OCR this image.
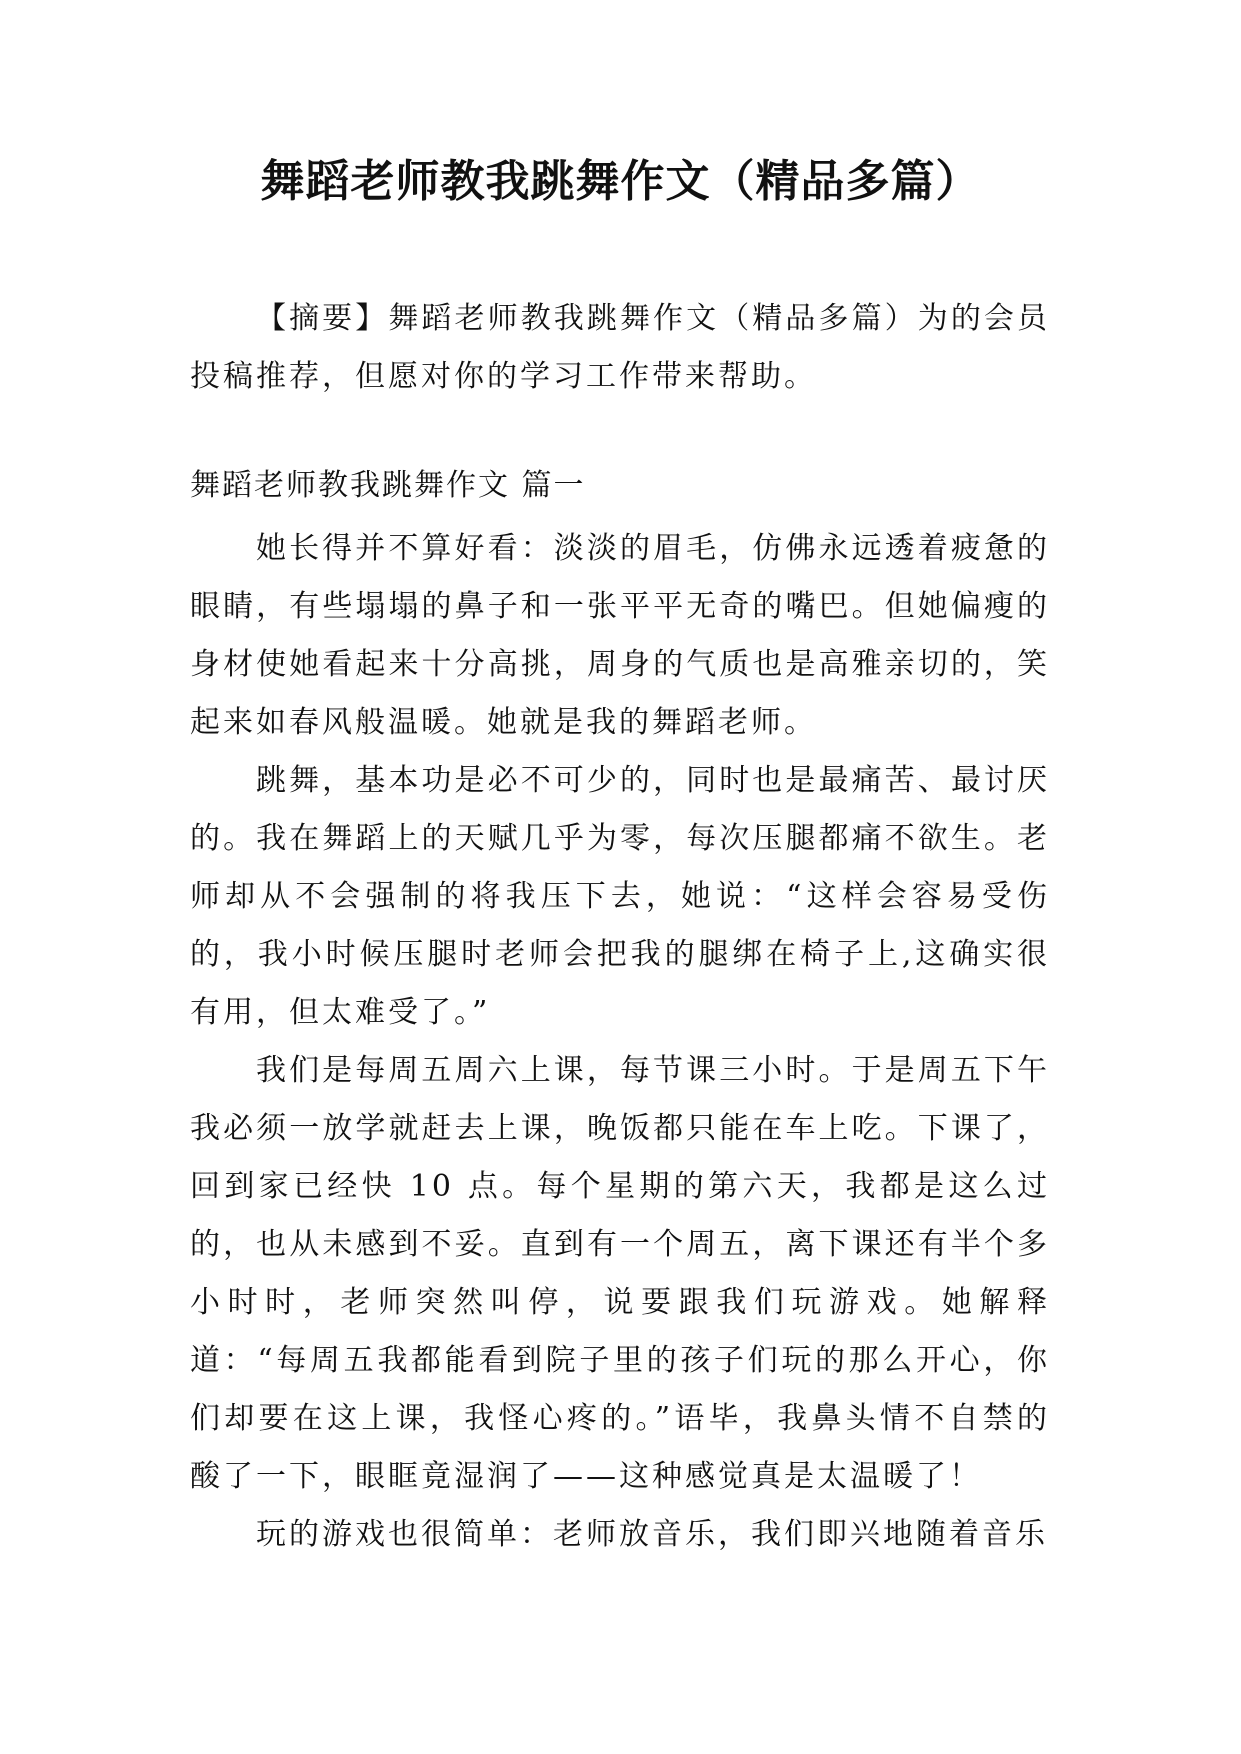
舞蹈老师教我跳舞作文（精品多篇）

【摘要】舞蹈老师教我跳舞作文（精品多篇）为的会员投稿推荐，但愿对你的学习工作带来帮助。

舞蹈老师教我跳舞作文 篇一

她长得并不算好看：淡淡的眉毛，仿佛永远透着疲惫的眼睛，有些塌塌的鼻子和一张平平无奇的嘴巴。但她偏瘦的身材使她看起来十分高挑，周身的气质也是高雅亲切的，笑起来如春风般温暖。她就是我的舞蹈老师。

跳舞，基本功是必不可少的，同时也是最痛苦、最讨厌的。我在舞蹈上的天赋几乎为零，每次压腿都痛不欲生。老师却从不会强制的将我压下去，她说：“这样会容易受伤的，我小时候压腿时老师会把我的腿绑在椅子上,这确实很有用，但太难受了。”

我们是每周五周六上课，每节课三小时。于是周五下午我必须一放学就赶去上课，晚饭都只能在车上吃。下课了，回到家已经快 10 点。每个星期的第六天，我都是这么过的，也从未感到不妥。直到有一个周五，离下课还有半个多小时时，老师突然叫停，说要跟我们玩游戏。她解释道：“每周五我都能看到院子里的孩子们玩的那么开心，你们却要在这上课，我怪心疼的。”语毕，我鼻头情不自禁的酸了一下，眼眶竟湿润了——这种感觉真是太温暖了！

玩的游戏也很简单：老师放音乐，我们即兴地随着音乐
